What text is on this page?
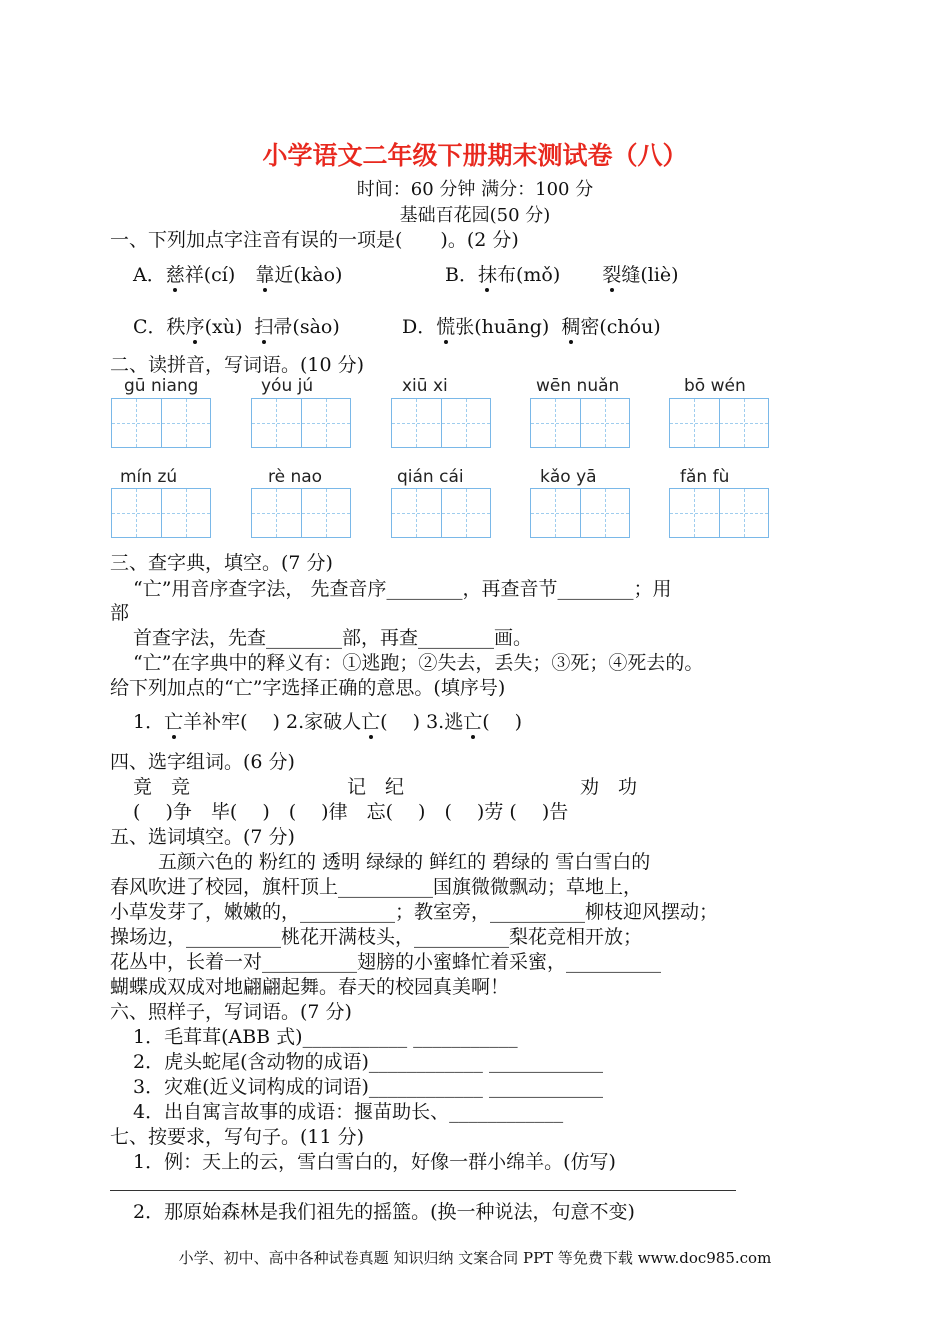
小学语文二年级下册期末测试卷（八）
时间：60 分钟 满分：100 分
基础百花园(50 分)
一、下列加点字注音有误的一项是(　　)。(2 分)
A．慈祥(cí) 靠近(kào)	B．抹布(mǒ) 裂缝(liè)
C．秩序(xù) 扫帚(sào)	D．慌张(huāng) 稠密(chóu)
二、读拼音，写词语。(10 分)
gū niang	yóu jú	xiū xi	wēn nuǎn	bō wén
mín zú	rè nao	qián cái	kǎo yā	fǎn fù
三、查字典，填空。(7 分)
“亡”用音序查字法， 先查音序________，再查音节________；用
部
首查字法，先查________部，再查________画。
“亡”在字典中的释义有：①逃跑；②失去，丢失；③死；④死去的。
给下列加点的“亡”字选择正确的意思。(填序号)
1．亡羊补牢(　 ) 2.家破人亡(　 ) 3.逃亡(　 )
四、选字组词。(6 分)
竟　竞	记　纪	劝　功
(　 )争　毕(　 )　(　 )律　忘(　 )　(　 )劳 (　 )告
五、选词填空。(7 分)
五颜六色的 粉红的 透明 绿绿的 鲜红的 碧绿的 雪白雪白的
春风吹进了校园，旗杆顶上__________国旗微微飘动；草地上，
小草发芽了，嫩嫩的，__________；教室旁，__________柳枝迎风摆动；
操场边，__________桃花开满枝头，__________梨花竞相开放；
花丛中，长着一对__________翅膀的小蜜蜂忙着采蜜，__________
蝴蝶成双成对地翩翩起舞。春天的校园真美啊！
六、照样子，写词语。(7 分)
1．毛茸茸(ABB 式)___________ ___________
2．虎头蛇尾(含动物的成语)____________ ____________
3．灾难(近义词构成的词语)____________ ____________
4．出自寓言故事的成语：揠苗助长、____________
七、按要求，写句子。(11 分)
1．例：天上的云，雪白雪白的，好像一群小绵羊。(仿写)
2．那原始森林是我们祖先的摇篮。(换一种说法，句意不变)
小学、初中、高中各种试卷真题 知识归纳 文案合同 PPT 等免费下载 www.doc985.com
